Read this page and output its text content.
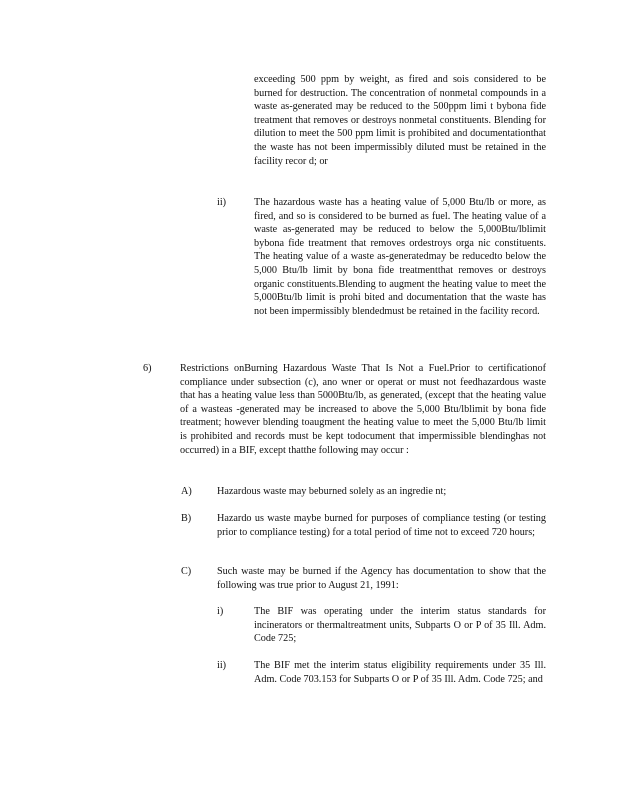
exceeding 500 ppm by weight, as fired and sois considered to be burned for destruction. The concentration of nonmetal compounds in a waste as-generated may be reduced to the 500ppm limi t bybona fide treatment that removes or destroys nonmetal constituents. Blending for dilution to meet the 500 ppm limit is prohibited and documentationthat the waste has not been impermissibly diluted must be retained in the facility recor d; or
ii)	The hazardous waste has a heating value of 5,000 Btu/lb or more, as fired, and so is considered to be burned as fuel. The heating value of a waste as-generated may be reduced to below the 5,000Btu/lblimit bybona fide treatment that removes ordestroys orga nic constituents. The heating value of a waste as-generatedmay be reducedto below the 5,000 Btu/lb limit by bona fide treatmentthat removes or destroys organic constituents.Blending to augment the heating value to meet the 5,000Btu/lb limit is prohi bited and documentation that the waste has not been impermissibly blendedmust be retained in the facility record.
6)	Restrictions onBurning Hazardous Waste That Is Not a Fuel.Prior to certificationof compliance under subsection (c), ano wner or operat or must not feedhazardous waste that has a heating value less than 5000Btu/lb, as generated, (except that the heating value of a wasteas -generated may be increased to above the 5,000 Btu/lblimit by bona fide treatment; however blending toaugment the heating value to meet the 5,000 Btu/lb limit is prohibited and records must be kept todocument that impermissible blendinghas not occurred) in a BIF, except thatthe following may occur :
A) Hazardous waste may beburned solely as an ingredie nt;
B)	Hazardo us waste maybe burned for purposes of compliance testing (or testing prior to compliance testing) for a total period of time not to exceed 720 hours;
C)	Such waste may be burned if the Agency has documentation to show that the following was true prior to August 21, 1991:
i)	The BIF was operating under the interim status standards for incinerators or thermaltreatment units, Subparts O or P of 35 Ill. Adm. Code 725;
ii)	The BIF met the interim status eligibility requirements under 35 Ill. Adm. Code 703.153 for Subparts O or P of 35 Ill. Adm. Code 725; and
